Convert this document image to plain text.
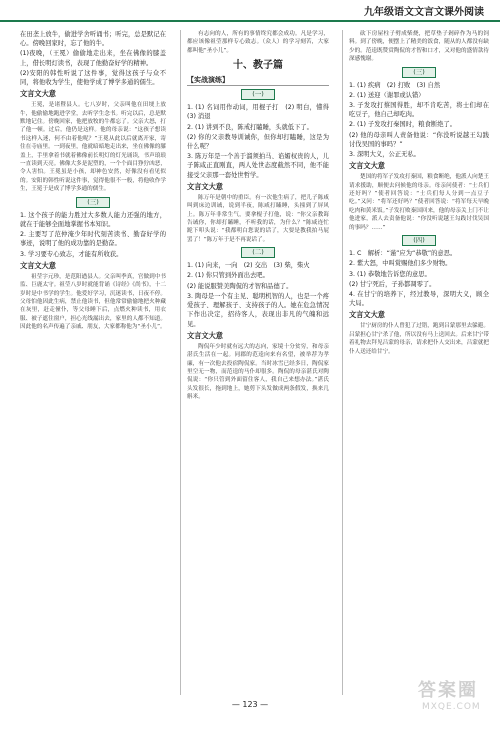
九年级语文文言文课外阅读

在田垄上放牛，偷进学舍听诵书；听完，总是默记在心。傍晚回家时，忘了他的牛。

(1)夜晚，（王冕）偷偷地走出来，坐在佛像的膝盖上，借长明灯读书，表现了他勤奋好学的精神。

(2)安阳的韩性听说了这件事，觉得这孩子与众不同，将他收为学生，使他学成了博学多通的儒生。

文言文大意

王冕，是诸暨县人。七八岁时，父亲叫他在田埂上放牛，他偷偷地跑进学堂，去听学生念书。听完以后，总是默默地记住。傍晚回家，他把放牧的牛都忘了。父亲大怒，打了他一顿。过后，他仍是这样。他的母亲说：“这孩子想读书这样入迷，何不由着他呢？”王冕从此以后就离开家，寄住在寺庙里。一到夜里，他就暗暗地走出来，坐在佛像的膝盖上，手里拿着书就着佛像前长明灯的灯光诵读，书声琅琅一直读到天亮。佛像大多是泥塑的，一个个面目狰狞凶恶，令人害怕。王冕虽是小孩，却神色安然，好像没有看见似的。安阳的韩性听说这件事，觉得他很不一般，将他收作学生，王冕于是成了博学多通的儒生。

(三)

1. 这个孩子的能力胜过大多数人能力还强的地方，就在于能够全面地掌握书本知识。

2. 主要写了范仲淹少年时代刻苦读书、勤奋好学的事迹，说明了他的成功靠的是勤奋。

3. 学习要专心致志，才能有所收获。

文言文大意

祖莹字元珍，是范阳遒县人。父亲叫季真，官做到中书监、巨鹿太守。祖莹八岁时就能背诵《诗经》《尚书》，十二岁时是中书学的学生。他爱好学习，沉迷读书，日夜不停。父母怕他因此生病，禁止他读书，但他常常偷偷地把火种藏在灰里，赶走僮仆，等父母睡下后，点燃火种读书，用衣服、被子遮住窗户，担心光线漏出去，家里的人都不知道。因此他的名声传遍了亲戚、朋友，大家都称他为“圣小儿”。

有志向的人，所有的事情终究都会成功。凡是学习，都应该像祖莹那样专心致志。（众人）的学习刻苦，大家都叫他“圣小儿”。

十、教子篇
【实战演练】
(一)

1. (1) 名词用作动词，用棍子打　(2) 明白，懂得　(3) 消退

2. (1) 讲到不良，陈戒打瞌睡，头就低下了。

(2) 你的父亲教导训诫你，但你却打瞌睡，这是为什么呢？

3. 陈万年是一个善于溜须拍马、谄媚权贵的人，儿子陈咸正直刚直，两人处世态度截然不同，他不能接受父亲那一套处世哲学。

文言文大意

陈万年是朝中的重臣。有一次他生病了，把儿子陈咸叫到床边训诫，说到半夜，陈咸打瞌睡，头撞到了屏风上。陈万年非常生气，要拿棍子打他，说：“你父亲教诲告诫你，你却打瞌睡，不听我的话，为什么？”陈咸连忙跪下叩头说：“我都明白您说的话了，大要是教我拍马屁罢了！”陈万年于是不再说话了。

(二)

1. (1) 向来，一向　(2) 交出　(3) 柴，柴火

2. (1) 你只管到外面出去吧。

(2) 能说服赞美陶侃的才智和品德了。

3. 陶母是一个有主见、聪明机智的人，也是一个疼爱孩子、理解孩子、支持孩子的人。她在危急情况下作出决定，招待客人，表现出非凡的气魄和远见。

文言文大意

陶侃年少时就有远大的志向，家境十分贫穷，和母亲湛氏生活在一起。同郡的范逵向来有名望，被举荐为孝廉，有一次他去投宿陶侃家。当时冰雪已经多日，陶侃家里空无一物，而范逵的马仆却很多。陶侃的母亲湛氏对陶侃说：“你只管到外面留住客人，我自己来想办法。”湛氏头发很长，拖到地上，她剪下头发做成两条假发，换来几斛米。

砍下房屋柱子劈成柴烧，把草垫子剁碎作为马的饲料。到了傍晚，便摆上了精美的饭食，随从的人都没有缺少的。范逵既赞赏陶侃的才智和口才，又对他的盛情款待深感愧谢。

(三)

1. (1) 疾病　(2) 打败　(3) 自然

2. (1) 送迎（谢罪或认错）

3. 子发攻打蔡国得胜，却不肯吃苦，将士们却在吃豆子，他自己却吃肉。

2. (1) 子发攻打秦国时，粮食断绝了。

(2) 他的母亲叫人责备他说：“你没听说越王勾践讨伐吴国的事吗？”

3. 深明大义，公正无私。

文言文大意

楚国的将军子发攻打秦国，粮食断绝，他派人向楚王请求援助，顺便去问候他的母亲。母亲问使者：“士兵们还好吗？”使者回答说：“士兵们每人分到一点豆子吃。”又问：“将军还好吗？”使者回答说：“将军每天早晚吃肉和黄米饭。”子发打败秦国回来，他的母亲关上门不让他进家，派人去责备他说：“你没听说越王勾践讨伐吴国的事吗？……”

(四)

1. C　解析：“谨”应为“恭敬”的意思。

2. 紫大怒，中叫赏赐他们多少财物。

3. (1) 恭敬地告诉您的意思。

(2) 甘宁死后，子孙都凋零了。

4. 在甘宁的培养下，经过教导，深明大义，顾全大局。

文言文大意

甘宁厨房的仆人曾犯了过错，跑到吕蒙那里去躲避。吕蒙担心甘宁杀了他，所以没有马上送回去。后来甘宁带着礼物去拜见吕蒙的母亲，请求把仆人交出来，吕蒙就把仆人送还给甘宁。

— 123 —
答案圈
MXQE.COM
